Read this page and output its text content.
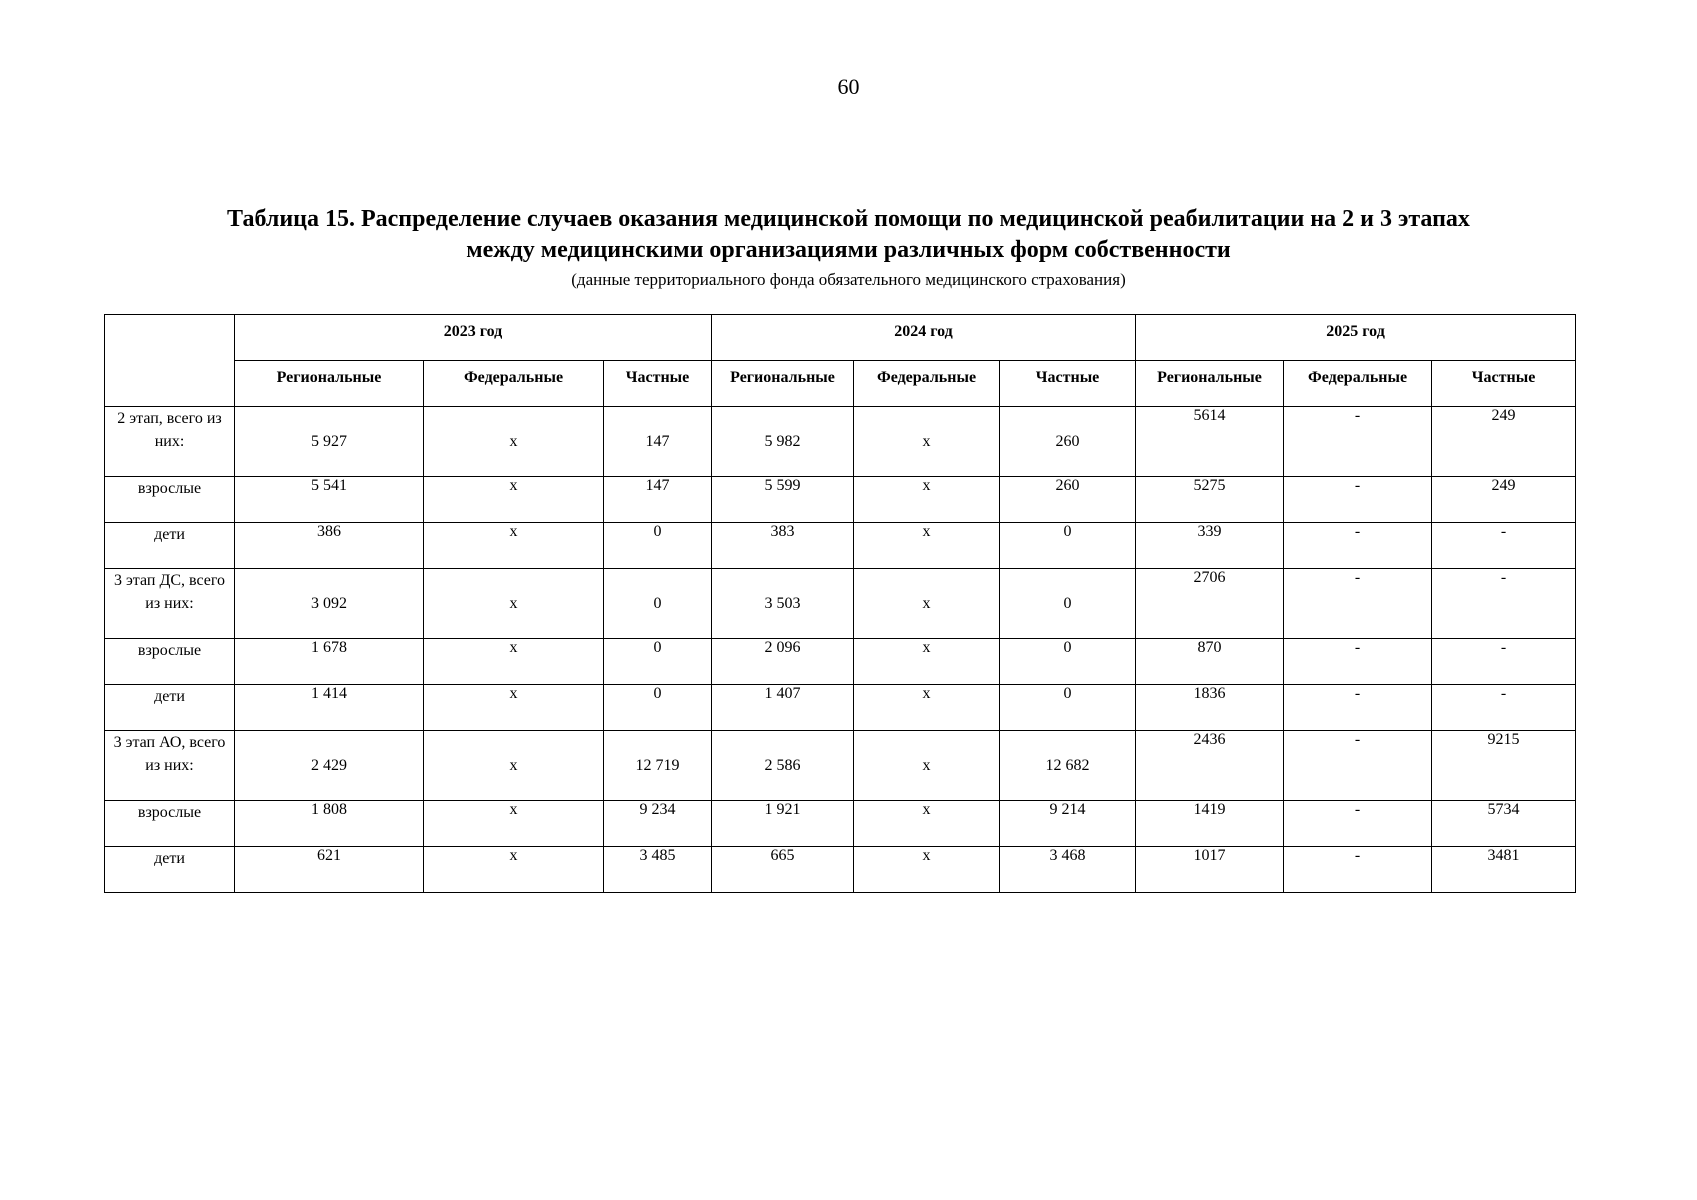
60
Таблица 15. Распределение случаев оказания медицинской помощи по медицинской реабилитации на 2 и 3 этапах
между медицинскими организациями различных форм собственности
(данные территориального фонда обязательного медицинского страхования)
	2023 год			2024 год			2025 год		
	Региональные	Федеральные	Частные	Региональные	Федеральные	Частные	Региональные	Федеральные	Частные
2 этап, всего из них:	5 927	х	147	5 982	х	260	5614	-	249
взрослые	5 541	х	147	5 599	х	260	5275	-	249
дети	386	х	0	383	х	0	339	-	-
3 этап ДС, всего из них:	3 092	х	0	3 503	х	0	2706	-	-
взрослые	1 678	х	0	2 096	х	0	870	-	-
дети	1 414	х	0	1 407	х	0	1836	-	-
3 этап АО, всего из них:	2 429	х	12 719	2 586	х	12 682	2436	-	9215
взрослые	1 808	х	9 234	1 921	х	9 214	1419	-	5734
дети	621	х	3 485	665	х	3 468	1017	-	3481
